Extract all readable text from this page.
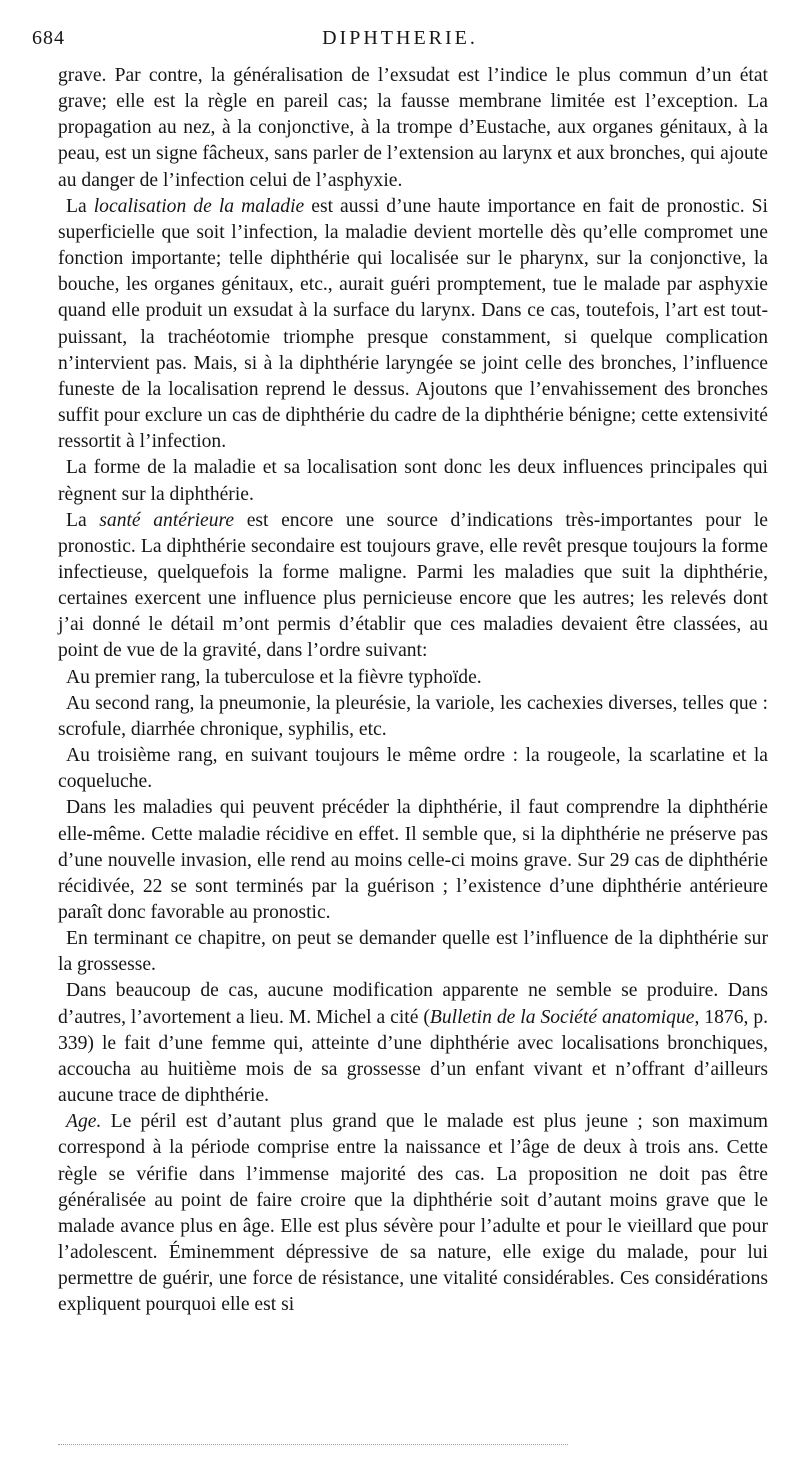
684	DIPHTHERIE.

grave. Par contre, la généralisation de l’exsudat est l’indice le plus commun d’un état grave; elle est la règle en pareil cas; la fausse membrane limitée est l’exception. La propagation au nez, à la conjonctive, à la trompe d’Eustache, aux organes génitaux, à la peau, est un signe fâcheux, sans parler de l’extension au larynx et aux bronches, qui ajoute au danger de l’infection celui de l’asphyxie.

La localisation de la maladie est aussi d’une haute importance en fait de pronostic. Si superficielle que soit l’infection, la maladie devient mortelle dès qu’elle compromet une fonction importante; telle diphthérie qui localisée sur le pharynx, sur la conjonctive, la bouche, les organes génitaux, etc., aurait guéri promptement, tue le malade par asphyxie quand elle produit un exsudat à la surface du larynx. Dans ce cas, toutefois, l’art est tout-puissant, la trachéotomie triomphe presque constamment, si quelque complication n’intervient pas. Mais, si à la diphthérie laryngée se joint celle des bronches, l’influence funeste de la localisation reprend le dessus. Ajoutons que l’envahissement des bronches suffit pour exclure un cas de diphthérie du cadre de la diphthérie bénigne; cette extensivité ressortit à l’infection.

La forme de la maladie et sa localisation sont donc les deux influences principales qui règnent sur la diphthérie.

La santé antérieure est encore une source d’indications très-importantes pour le pronostic. La diphthérie secondaire est toujours grave, elle revêt presque toujours la forme infectieuse, quelquefois la forme maligne. Parmi les maladies que suit la diphthérie, certaines exercent une influence plus pernicieuse encore que les autres; les relevés dont j’ai donné le détail m’ont permis d’établir que ces maladies devaient être classées, au point de vue de la gravité, dans l’ordre suivant:

Au premier rang, la tuberculose et la fièvre typhoïde.

Au second rang, la pneumonie, la pleurésie, la variole, les cachexies diverses, telles que : scrofule, diarrhée chronique, syphilis, etc.

Au troisième rang, en suivant toujours le même ordre : la rougeole, la scarlatine et la coqueluche.

Dans les maladies qui peuvent précéder la diphthérie, il faut comprendre la diphthérie elle-même. Cette maladie récidive en effet. Il semble que, si la diphthérie ne préserve pas d’une nouvelle invasion, elle rend au moins celle-ci moins grave. Sur 29 cas de diphthérie récidivée, 22 se sont terminés par la guérison ; l’existence d’une diphthérie antérieure paraît donc favorable au pronostic.

En terminant ce chapitre, on peut se demander quelle est l’influence de la diphthérie sur la grossesse.

Dans beaucoup de cas, aucune modification apparente ne semble se produire. Dans d’autres, l’avortement a lieu. M. Michel a cité (Bulletin de la Société anatomique, 1876, p. 339) le fait d’une femme qui, atteinte d’une diphthérie avec localisations bronchiques, accoucha au huitième mois de sa grossesse d’un enfant vivant et n’offrant d’ailleurs aucune trace de diphthérie.

Age. Le péril est d’autant plus grand que le malade est plus jeune ; son maximum correspond à la période comprise entre la naissance et l’âge de deux à trois ans. Cette règle se vérifie dans l’immense majorité des cas. La proposition ne doit pas être généralisée au point de faire croire que la diphthérie soit d’autant moins grave que le malade avance plus en âge. Elle est plus sévère pour l’adulte et pour le vieillard que pour l’adolescent. Éminemment dépressive de sa nature, elle exige du malade, pour lui permettre de guérir, une force de résistance, une vitalité considérables. Ces considérations expliquent pourquoi elle est si
